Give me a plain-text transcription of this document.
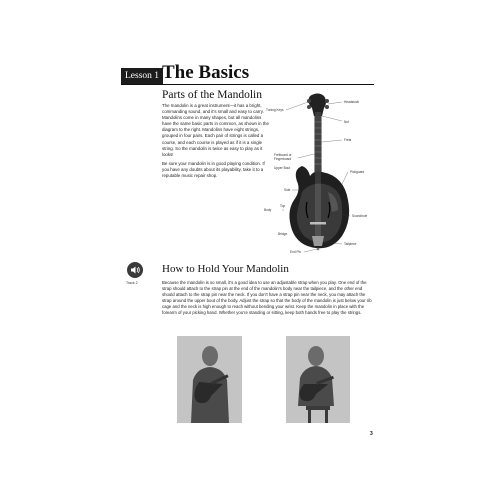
Lesson 1 The Basics
Parts of the Mandolin

The mandolin is a great instrument—it has a bright, commanding sound, and it's small and easy to carry. Mandolins come in many shapes, but all mandolins have the same basic parts in common, as shown in the diagram to the right. Mandolins have eight strings, grouped in four pairs. Each pair of strings is called a course, and each course is played as if it is a single string. So the mandolin is twice as easy to play as it looks!

Be sure your mandolin is in good playing condition. If you have any doubts about its playability, take it to a reputable music repair shop.

Tuning Keys
Headstock
Nut
Frets
Fretboard or Fingerboard
Upper Bout
Pickguard
Side
Top
Body
Soundhole
Bridge
Tailpiece
End Pin
Track 2
How to Hold Your Mandolin
Because the mandolin is so small, it's a good idea to use an adjustable strap when you play. One end of the strap should attach to the strap pin at the end of the mandolin's body near the tailpiece, and the other end should attach to the strap pin near the neck. If you don't have a strap pin near the neck, you may attach the strap around the upper bout of the body. Adjust the strap so that the body of the mandolin is just below your rib cage and the neck is high enough to reach without bending your wrist. Keep the mandolin in place with the forearm of your picking hand. Whether you're standing or sitting, keep both hands free to play the strings.
3
